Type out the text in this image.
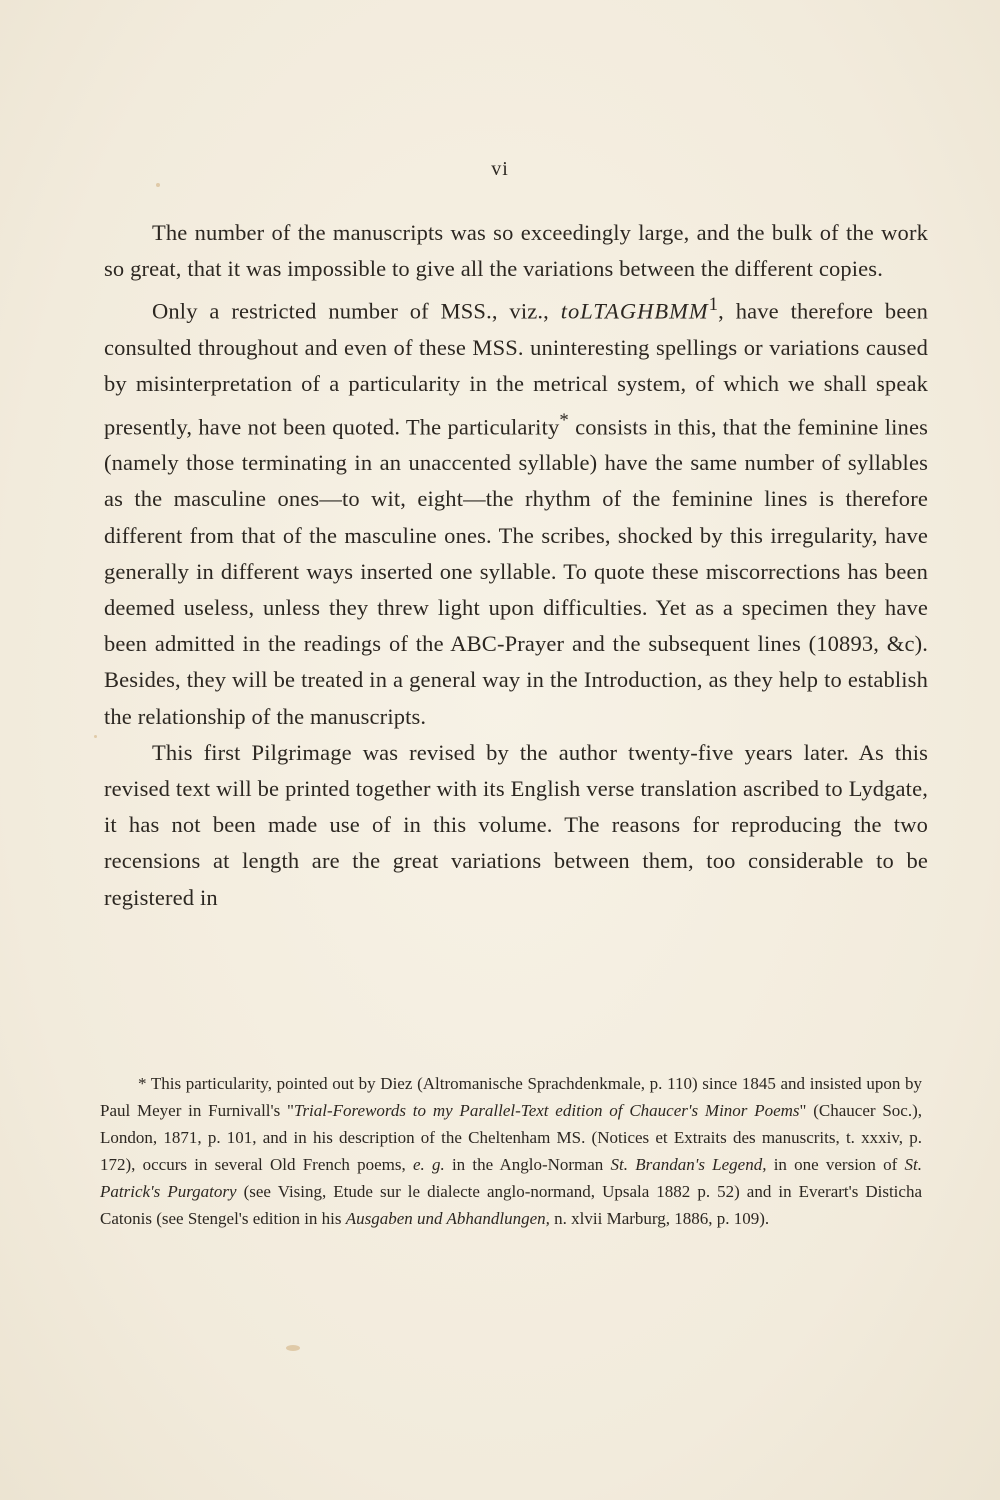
vi

The number of the manuscripts was so exceedingly large, and the bulk of the work so great, that it was impossible to give all the variations between the different copies.

Only a restricted number of MSS., viz., toLTAGHBMM$^1$, have therefore been consulted throughout and even of these MSS. uninteresting spellings or variations caused by misinterpretation of a particularity in the metrical system, of which we shall speak presently, have not been quoted. The particularity* consists in this, that the feminine lines (namely those terminating in an unaccented syllable) have the same number of syllables as the masculine ones—to wit, eight—the rhythm of the feminine lines is therefore different from that of the masculine ones. The scribes, shocked by this irregularity, have generally in different ways inserted one syllable. To quote these miscorrections has been deemed useless, unless they threw light upon difficulties. Yet as a specimen they have been admitted in the readings of the ABC-Prayer and the subsequent lines (10893, &c). Besides, they will be treated in a general way in the Introduction, as they help to establish the relationship of the manuscripts.

This first Pilgrimage was revised by the author twenty-five years later. As this revised text will be printed together with its English verse translation ascribed to Lydgate, it has not been made use of in this volume. The reasons for reproducing the two recensions at length are the great variations between them, too considerable to be registered in

* This particularity, pointed out by Diez (Altromanische Sprachdenkmale, p. 110) since 1845 and insisted upon by Paul Meyer in Furnivall's "Trial-Forewords to my Parallel-Text edition of Chaucer's Minor Poems" (Chaucer Soc.), London, 1871, p. 101, and in his description of the Cheltenham MS. (Notices et Extraits des manuscrits, t. xxxiv, p. 172), occurs in several Old French poems, e. g. in the Anglo-Norman St. Brandan's Legend, in one version of St. Patrick's Purgatory (see Vising, Etude sur le dialecte anglo-normand, Upsala 1882 p. 52) and in Everart's Disticha Catonis (see Stengel's edition in his Ausgaben und Abhandlungen, n. xlvii Marburg, 1886, p. 109).
